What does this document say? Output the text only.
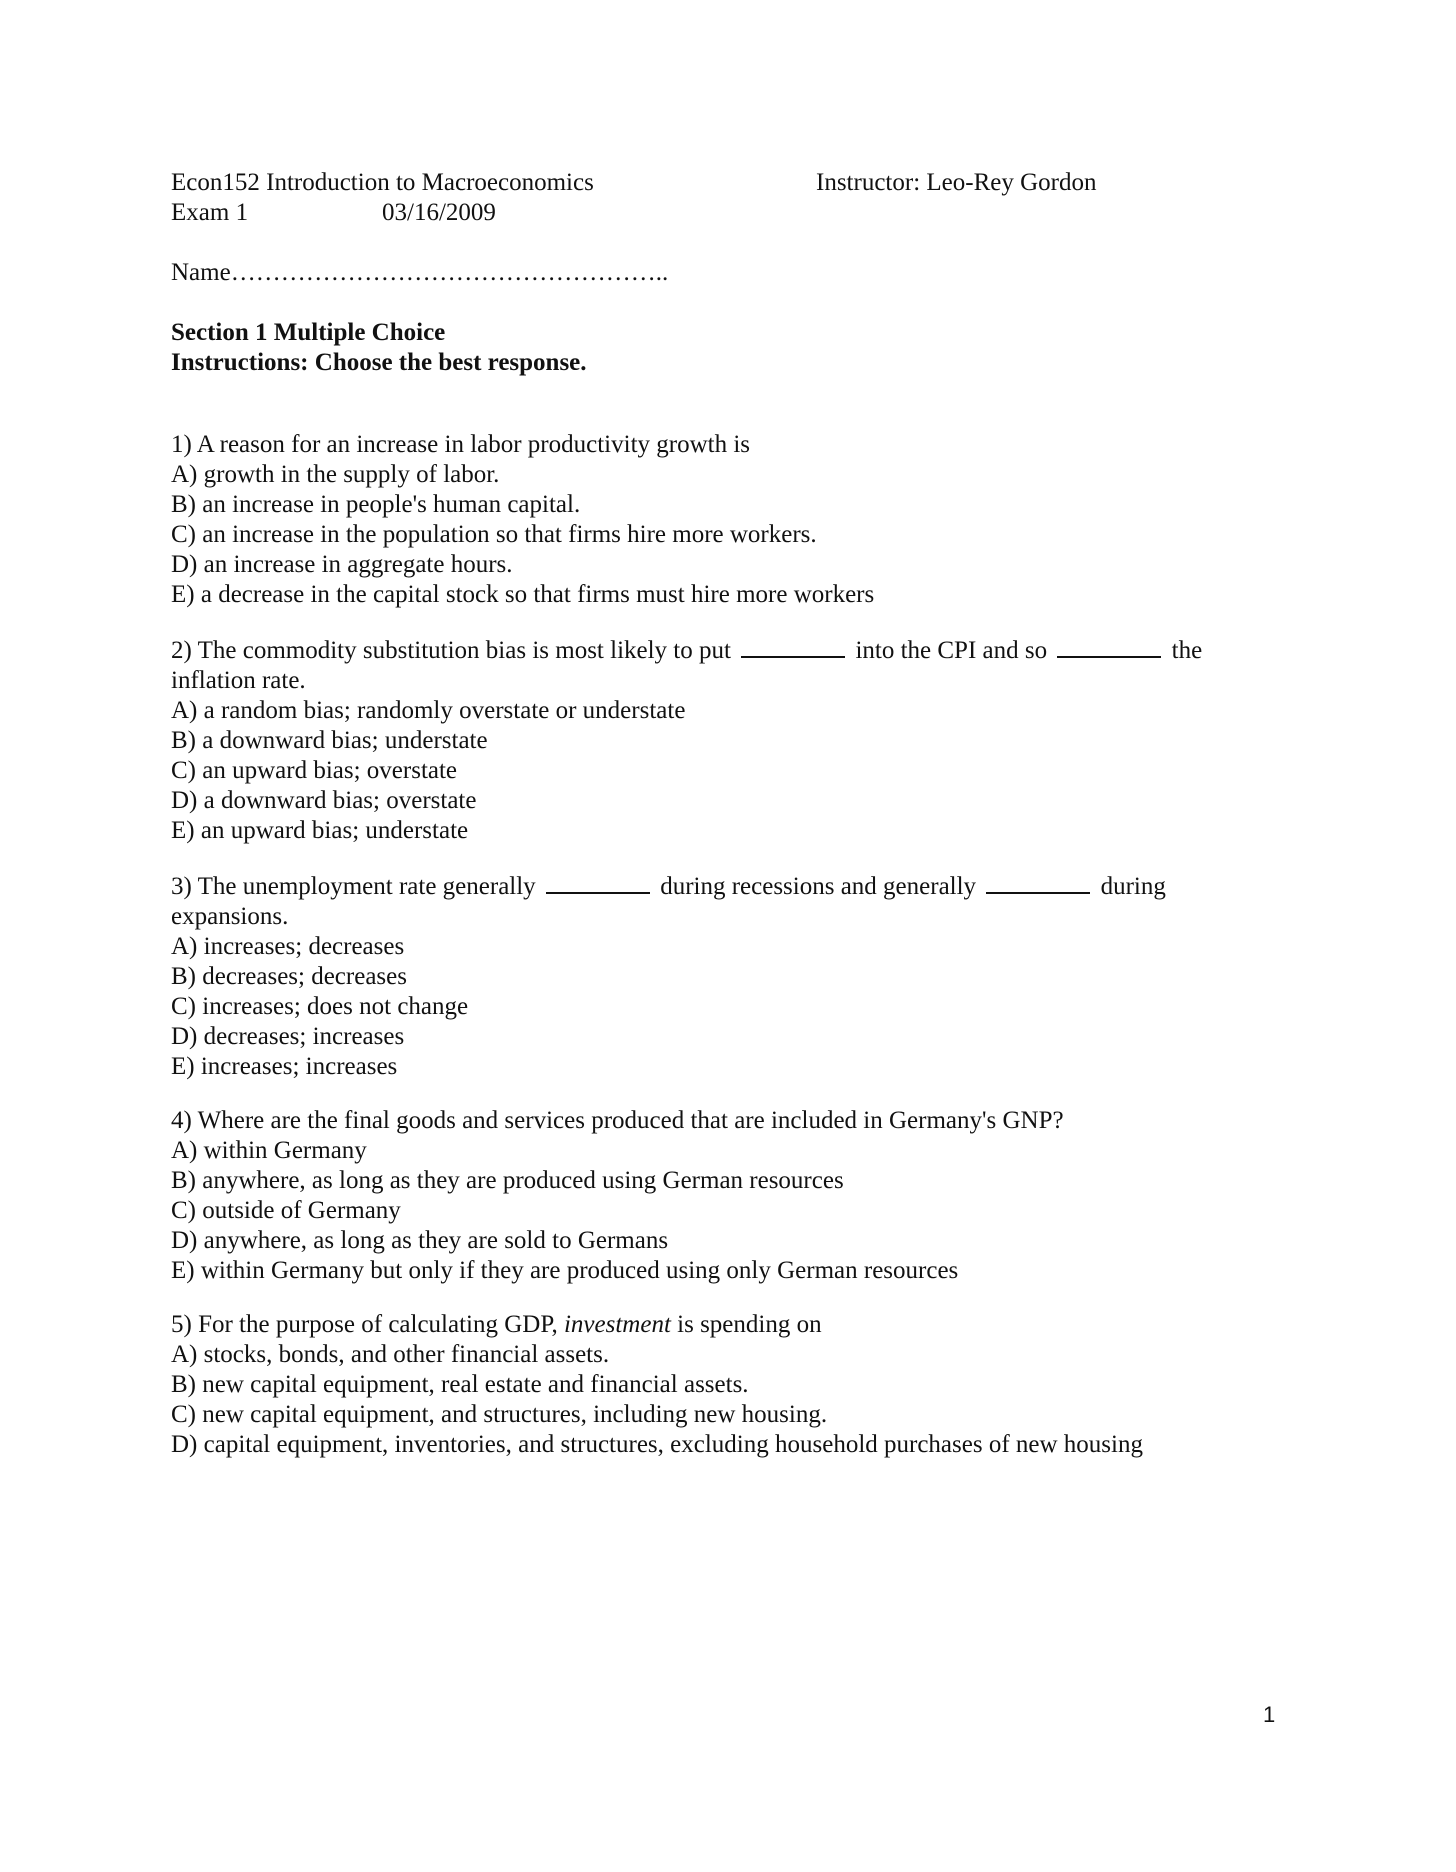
Econ152 Introduction to Macroeconomics	Instructor: Leo-Rey Gordon
Exam 1	03/16/2009
Name……………………………………………..
Section 1 Multiple Choice
Instructions: Choose the best response.
1) A reason for an increase in labor productivity growth is
A) growth in the supply of labor.
B) an increase in people's human capital.
C) an increase in the population so that firms hire more workers.
D) an increase in aggregate hours.
E) a decrease in the capital stock so that firms must hire more workers
2) The commodity substitution bias is most likely to put	into the CPI and so	the inflation rate.
A) a random bias; randomly overstate or understate
B) a downward bias; understate
C) an upward bias; overstate
D) a downward bias; overstate
E) an upward bias; understate
3) The unemployment rate generally	during recessions and generally	during expansions.
A) increases; decreases
B) decreases; decreases
C) increases; does not change
D) decreases; increases
E) increases; increases
4) Where are the final goods and services produced that are included in Germany's GNP?
A) within Germany
B) anywhere, as long as they are produced using German resources
C) outside of Germany
D) anywhere, as long as they are sold to Germans
E) within Germany but only if they are produced using only German resources
5) For the purpose of calculating GDP, investment is spending on
A) stocks, bonds, and other financial assets.
B) new capital equipment, real estate and financial assets.
C) new capital equipment, and structures, including new housing.
D) capital equipment, inventories, and structures, excluding household purchases of new housing
1
